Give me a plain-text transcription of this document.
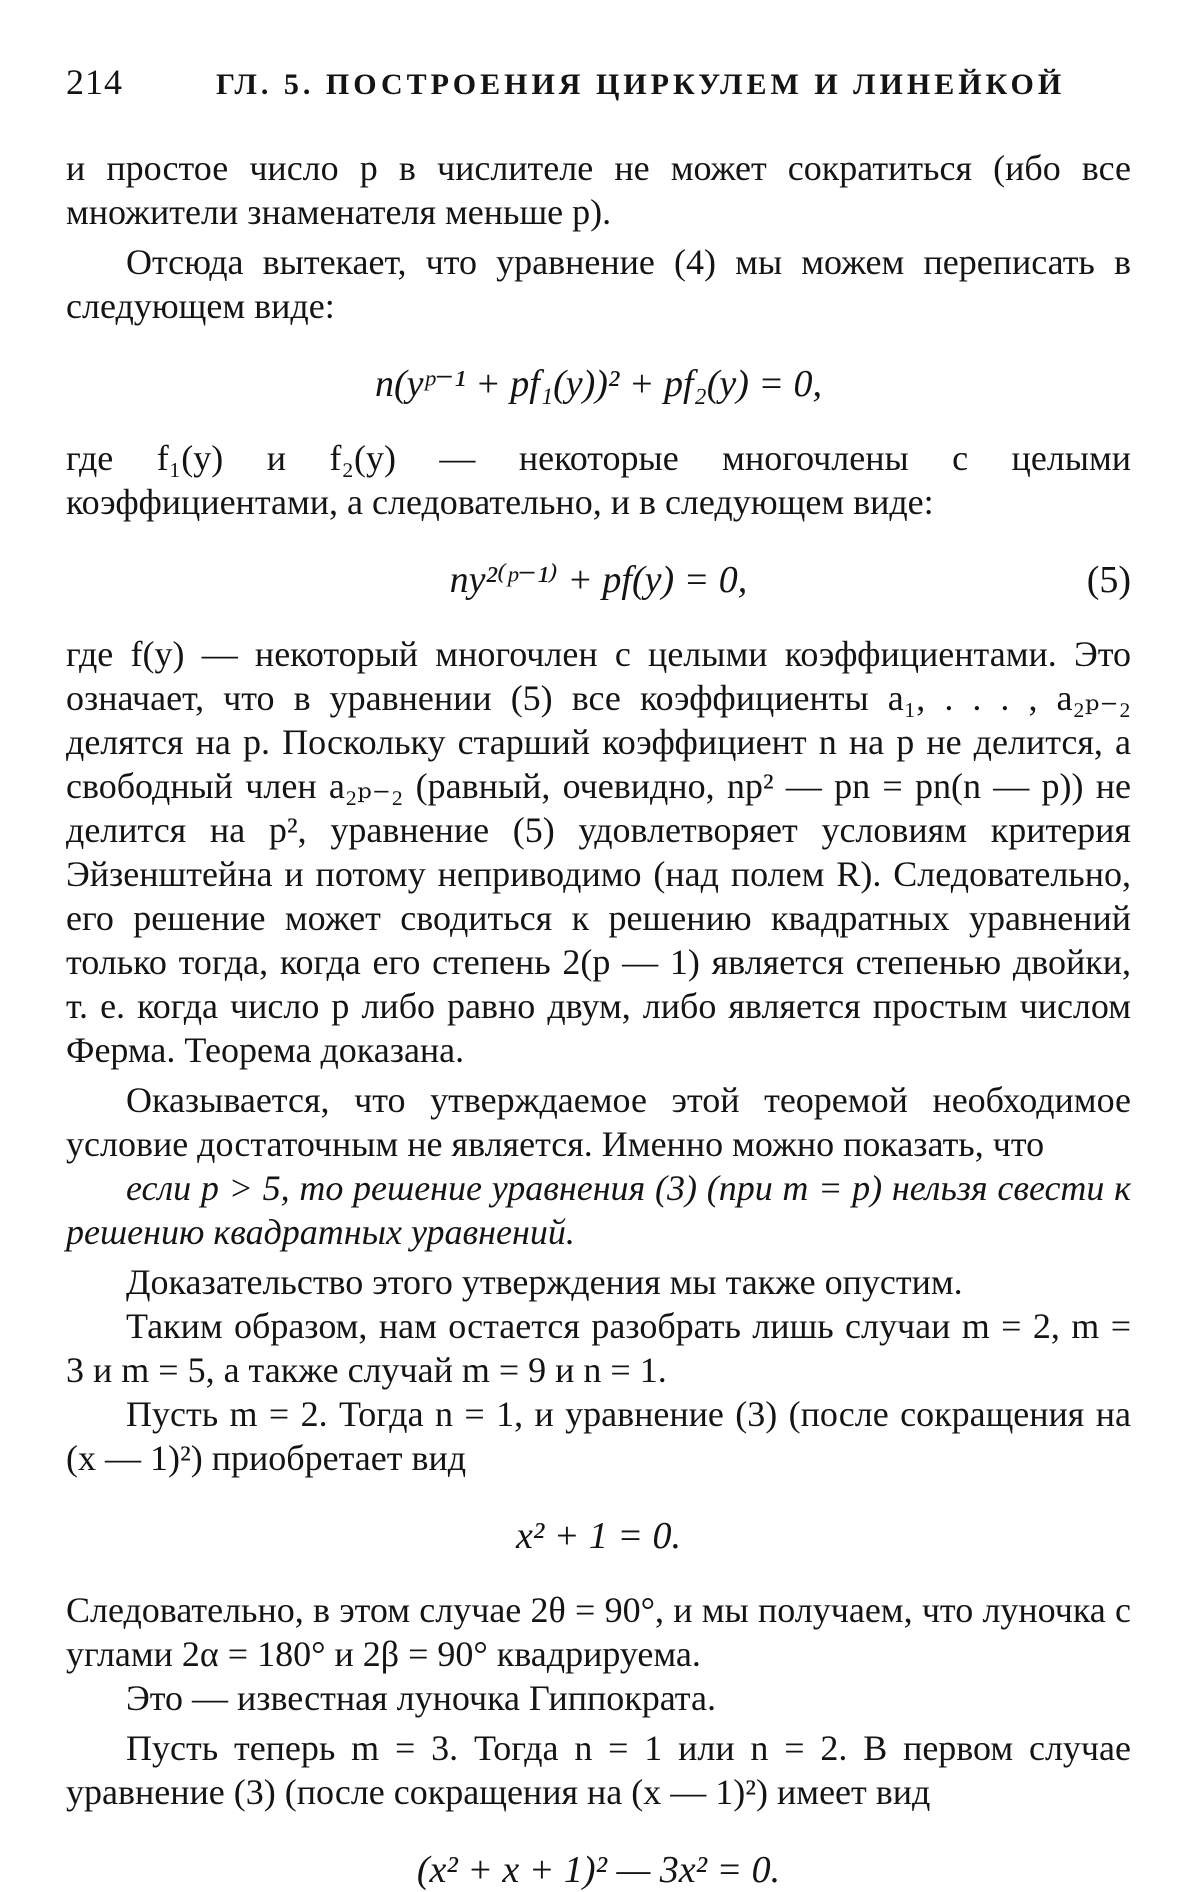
214	ГЛ. 5. ПОСТРОЕНИЯ ЦИРКУЛЕМ И ЛИНЕЙКОЙ

и простое число p в числителе не может сократиться (ибо все множители знаменателя меньше p).

Отсюда вытекает, что уравнение (4) мы можем переписать в следующем виде:

n(yᵖ⁻¹ + pf₁(y))² + pf₂(y) = 0,

где f₁(y) и f₂(y) — некоторые многочлены с целыми коэффициентами, а следовательно, и в следующем виде:

ny²⁽ᵖ⁻¹⁾ + pf(y) = 0,	(5)

где f(y) — некоторый многочлен с целыми коэффициентами. Это означает, что в уравнении (5) все коэффициенты a₁, . . . , a₂ₚ₋₂ делятся на p. Поскольку старший коэффициент n на p не делится, а свободный член a₂ₚ₋₂ (равный, очевидно, np² — pn = pn(n — p)) не делится на p², уравнение (5) удовлетворяет условиям критерия Эйзенштейна и потому неприводимо (над полем R). Следовательно, его решение может сводиться к решению квадратных уравнений только тогда, когда его степень 2(p — 1) является степенью двойки, т. е. когда число p либо равно двум, либо является простым числом Ферма. Теорема доказана.

Оказывается, что утверждаемое этой теоремой необходимое условие достаточным не является. Именно можно показать, что

если p > 5, то решение уравнения (3) (при m = p) нельзя свести к решению квадратных уравнений.

Доказательство этого утверждения мы также опустим.

Таким образом, нам остается разобрать лишь случаи m = 2, m = 3 и m = 5, а также случай m = 9 и n = 1.

Пусть m = 2. Тогда n = 1, и уравнение (3) (после сокращения на (x — 1)²) приобретает вид

x² + 1 = 0.

Следовательно, в этом случае 2θ = 90°, и мы получаем, что луночка с углами 2α = 180° и 2β = 90° квадрируема.

Это — известная луночка Гиппократа.

Пусть теперь m = 3. Тогда n = 1 или n = 2. В первом случае уравнение (3) (после сокращения на (x — 1)²) имеет вид

(x² + x + 1)² — 3x² = 0.
